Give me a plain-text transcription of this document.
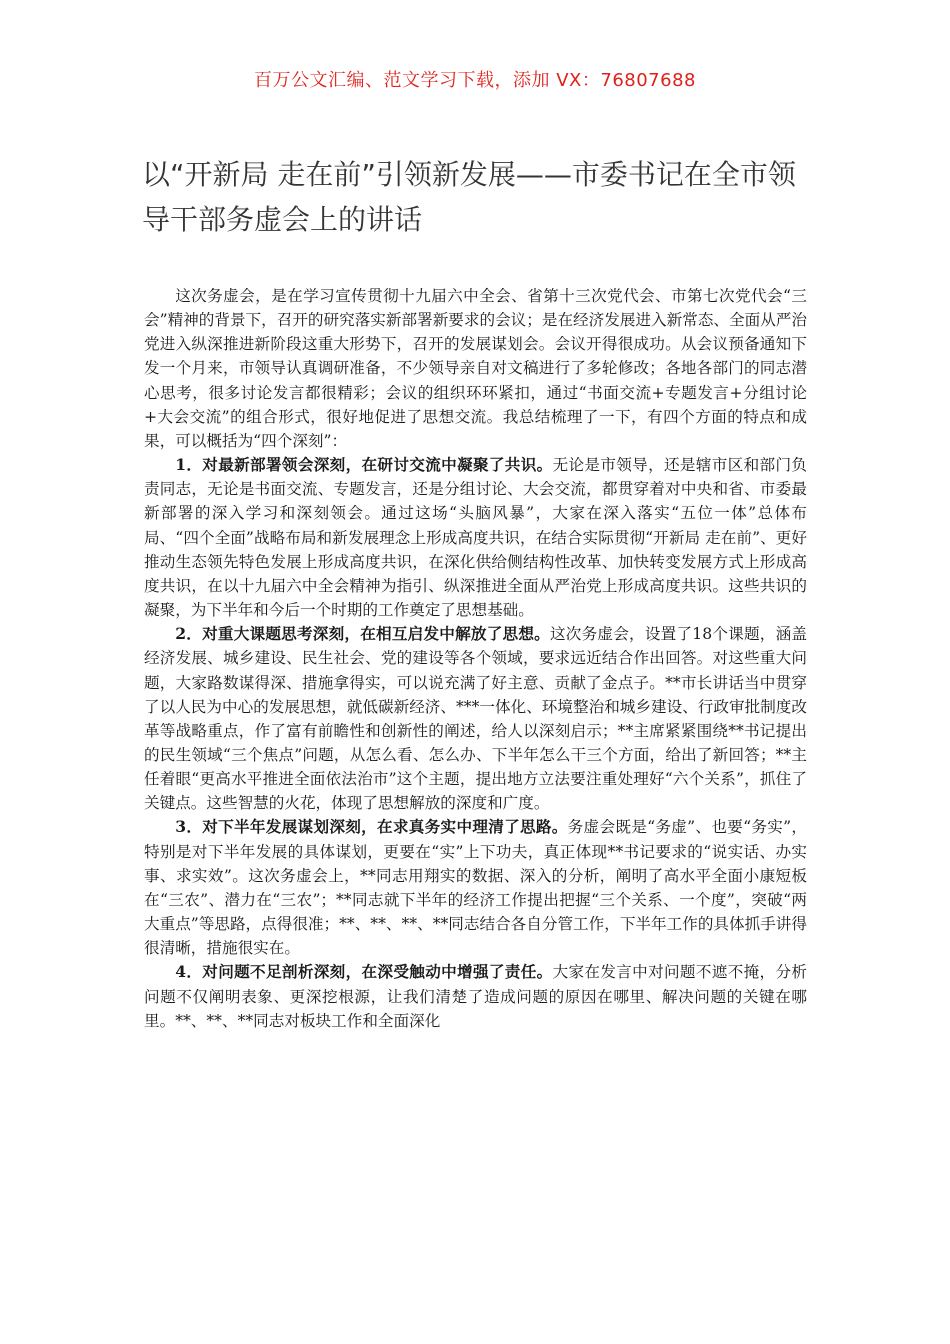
百万公文汇编、范文学习下载，添加 VX：76807688
以“开新局 走在前”引领新发展——市委书记在全市领导干部务虚会上的讲话

这次务虚会，是在学习宣传贯彻十九届六中全会、省第十三次党代会、市第七次党代会“三会”精神的背景下，召开的研究落实新部署新要求的会议；是在经济发展进入新常态、全面从严治党进入纵深推进新阶段这重大形势下，召开的发展谋划会。会议开得很成功。从会议预备通知下发一个月来，市领导认真调研准备，不少领导亲自对文稿进行了多轮修改；各地各部门的同志潜心思考，很多讨论发言都很精彩；会议的组织环环紧扣，通过“书面交流+专题发言+分组讨论+大会交流”的组合形式，很好地促进了思想交流。我总结梳理了一下，有四个方面的特点和成果，可以概括为“四个深刻”：

1．对最新部署领会深刻，在研讨交流中凝聚了共识。无论是市领导，还是辖市区和部门负责同志，无论是书面交流、专题发言，还是分组讨论、大会交流，都贯穿着对中央和省、市委最新部署的深入学习和深刻领会。通过这场“头脑风暴”，大家在深入落实“五位一体”总体布局、“四个全面”战略布局和新发展理念上形成高度共识，在结合实际贯彻“开新局 走在前”、更好推动生态领先特色发展上形成高度共识，在深化供给侧结构性改革、加快转变发展方式上形成高度共识，在以十九届六中全会精神为指引、纵深推进全面从严治党上形成高度共识。这些共识的凝聚，为下半年和今后一个时期的工作奠定了思想基础。

2．对重大课题思考深刻，在相互启发中解放了思想。这次务虚会，设置了18个课题，涵盖经济发展、城乡建设、民生社会、党的建设等各个领域，要求远近结合作出回答。对这些重大问题，大家路数谋得深、措施拿得实，可以说充满了好主意、贡献了金点子。**市长讲话当中贯穿了以人民为中心的发展思想，就低碳新经济、***一体化、环境整治和城乡建设、行政审批制度改革等战略重点，作了富有前瞻性和创新性的阐述，给人以深刻启示；**主席紧紧围绕**书记提出的民生领域“三个焦点”问题，从怎么看、怎么办、下半年怎么干三个方面，给出了新回答；**主任着眼“更高水平推进全面依法治市”这个主题，提出地方立法要注重处理好“六个关系”，抓住了关键点。这些智慧的火花，体现了思想解放的深度和广度。

3．对下半年发展谋划深刻，在求真务实中理清了思路。务虚会既是“务虚”、也要“务实”，特别是对下半年发展的具体谋划，更要在“实”上下功夫，真正体现**书记要求的“说实话、办实事、求实效”。这次务虚会上，**同志用翔实的数据、深入的分析，阐明了高水平全面小康短板在“三农”、潜力在“三农”；**同志就下半年的经济工作提出把握“三个关系、一个度”，突破“两大重点”等思路，点得很准；**、**、**、**同志结合各自分管工作，下半年工作的具体抓手讲得很清晰，措施很实在。

4．对问题不足剖析深刻，在深受触动中增强了责任。大家在发言中对问题不遮不掩，分析问题不仅阐明表象、更深挖根源，让我们清楚了造成问题的原因在哪里、解决问题的关键在哪里。**、**、**同志对板块工作和全面深化
